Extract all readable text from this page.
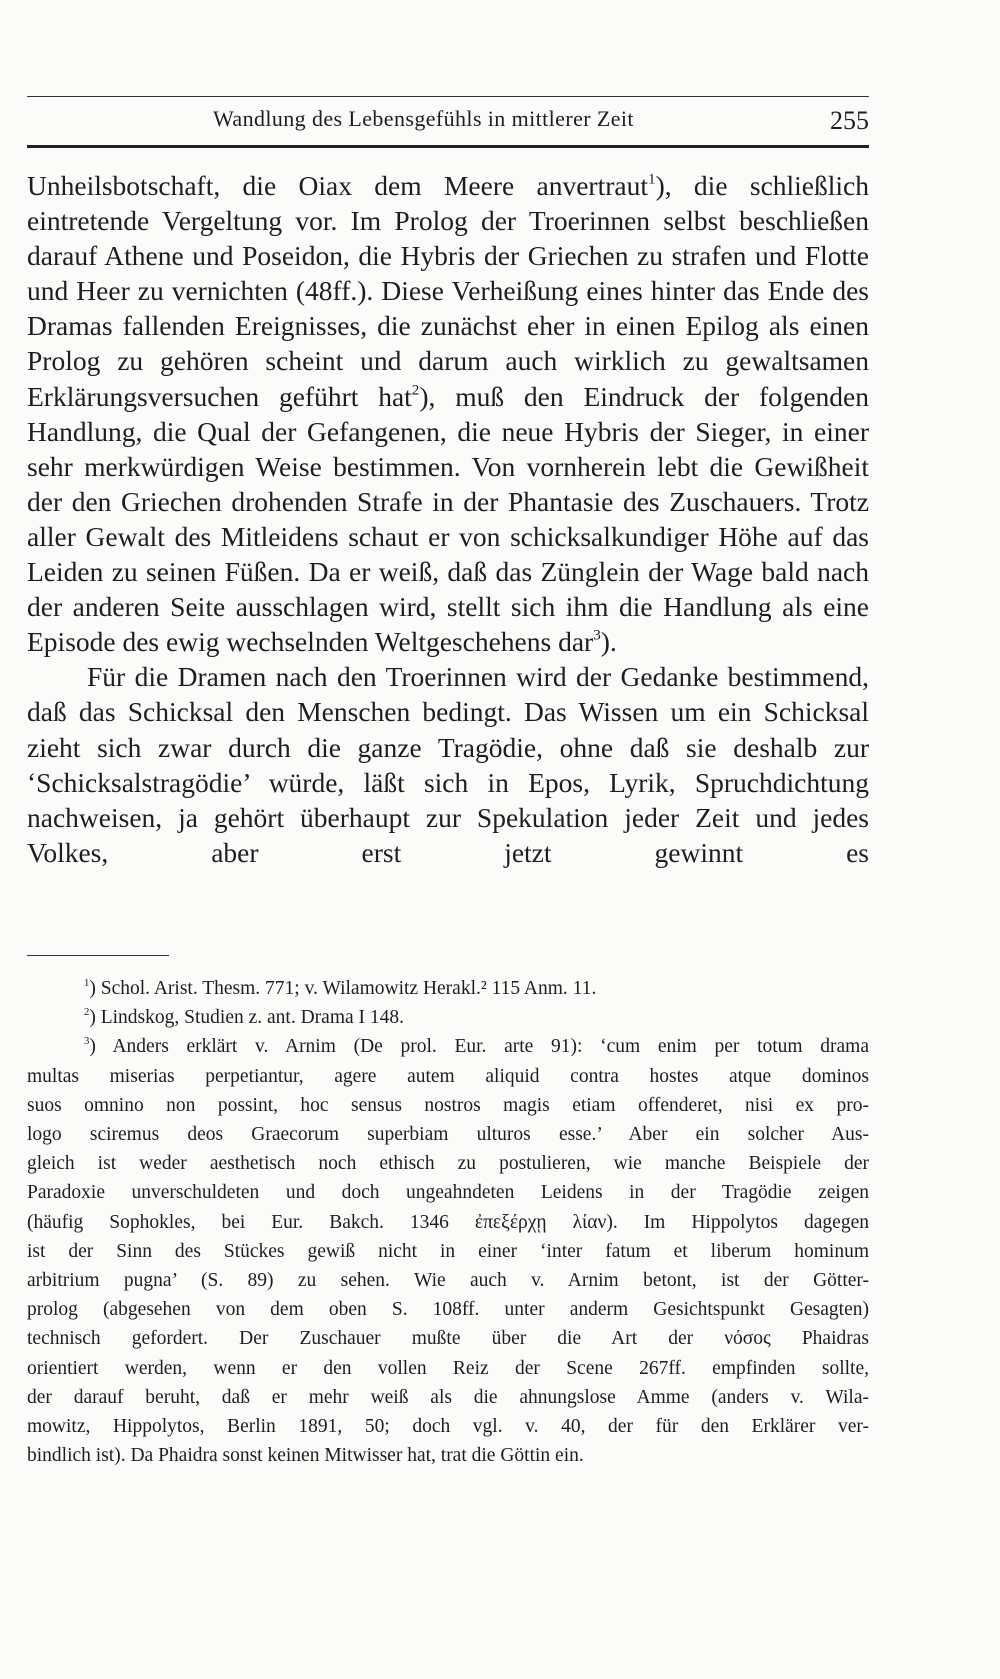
Wandlung des Lebensgefühls in mittlerer Zeit	255

Unheilsbotschaft, die Oiax dem Meere anvertraut$^1$), die schließlich eintretende Vergeltung vor. Im Prolog der Troerinnen selbst beschließen darauf Athene und Poseidon, die Hybris der Griechen zu strafen und Flotte und Heer zu vernichten (48ff.). Diese Verheißung eines hinter das Ende des Dramas fallenden Ereignisses, die zunächst eher in einen Epilog als einen Prolog zu gehören scheint und darum auch wirklich zu gewaltsamen Erklärungsversuchen geführt hat$^2$), muß den Eindruck der folgenden Handlung, die Qual der Gefangenen, die neue Hybris der Sieger, in einer sehr merkwürdigen Weise bestimmen. Von vornherein lebt die Gewißheit der den Griechen drohenden Strafe in der Phantasie des Zuschauers. Trotz aller Gewalt des Mitleidens schaut er von schicksalkundiger Höhe auf das Leiden zu seinen Füßen. Da er weiß, daß das Zünglein der Wage bald nach der anderen Seite ausschlagen wird, stellt sich ihm die Handlung als eine Episode des ewig wechselnden Weltgeschehens dar$^3$).

Für die Dramen nach den Troerinnen wird der Gedanke bestimmend, daß das Schicksal den Menschen bedingt. Das Wissen um ein Schicksal zieht sich zwar durch die ganze Tragödie, ohne daß sie deshalb zur ‘Schicksalstragödie’ würde, läßt sich in Epos, Lyrik, Spruchdichtung nachweisen, ja gehört überhaupt zur Spekulation jeder Zeit und jedes Volkes, aber erst jetzt gewinnt es

$^1$) Schol. Arist. Thesm. 771; v. Wilamowitz Herakl.² 115 Anm. 11.

$^2$) Lindskog, Studien z. ant. Drama I 148.

$^3$) Anders erklärt v. Arnim (De prol. Eur. arte 91): ‘cum enim per totum drama
multas miserias perpetiantur, agere autem aliquid contra hostes atque dominos
suos omnino non possint, hoc sensus nostros magis etiam offenderet, nisi ex pro-
logo sciremus deos Graecorum superbiam ulturos esse.’ Aber ein solcher Aus-
gleich ist weder aesthetisch noch ethisch zu postulieren, wie manche Beispiele der
Paradoxie unverschuldeten und doch ungeahndeten Leidens in der Tragödie zeigen
(häufig Sophokles, bei Eur. Bakch. 1346 ἐπεξέρχῃ λίαν). Im Hippolytos dagegen
ist der Sinn des Stückes gewiß nicht in einer ‘inter fatum et liberum hominum
arbitrium pugna’ (S. 89) zu sehen. Wie auch v. Arnim betont, ist der Götter-
prolog (abgesehen von dem oben S. 108ff. unter anderm Gesichtspunkt Gesagten)
technisch gefordert. Der Zuschauer mußte über die Art der νόσος Phaidras
orientiert werden, wenn er den vollen Reiz der Scene 267ff. empfinden sollte,
der darauf beruht, daß er mehr weiß als die ahnungslose Amme (anders v. Wila-
mowitz, Hippolytos, Berlin 1891, 50; doch vgl. v. 40, der für den Erklärer ver-
bindlich ist). Da Phaidra sonst keinen Mitwisser hat, trat die Göttin ein.
